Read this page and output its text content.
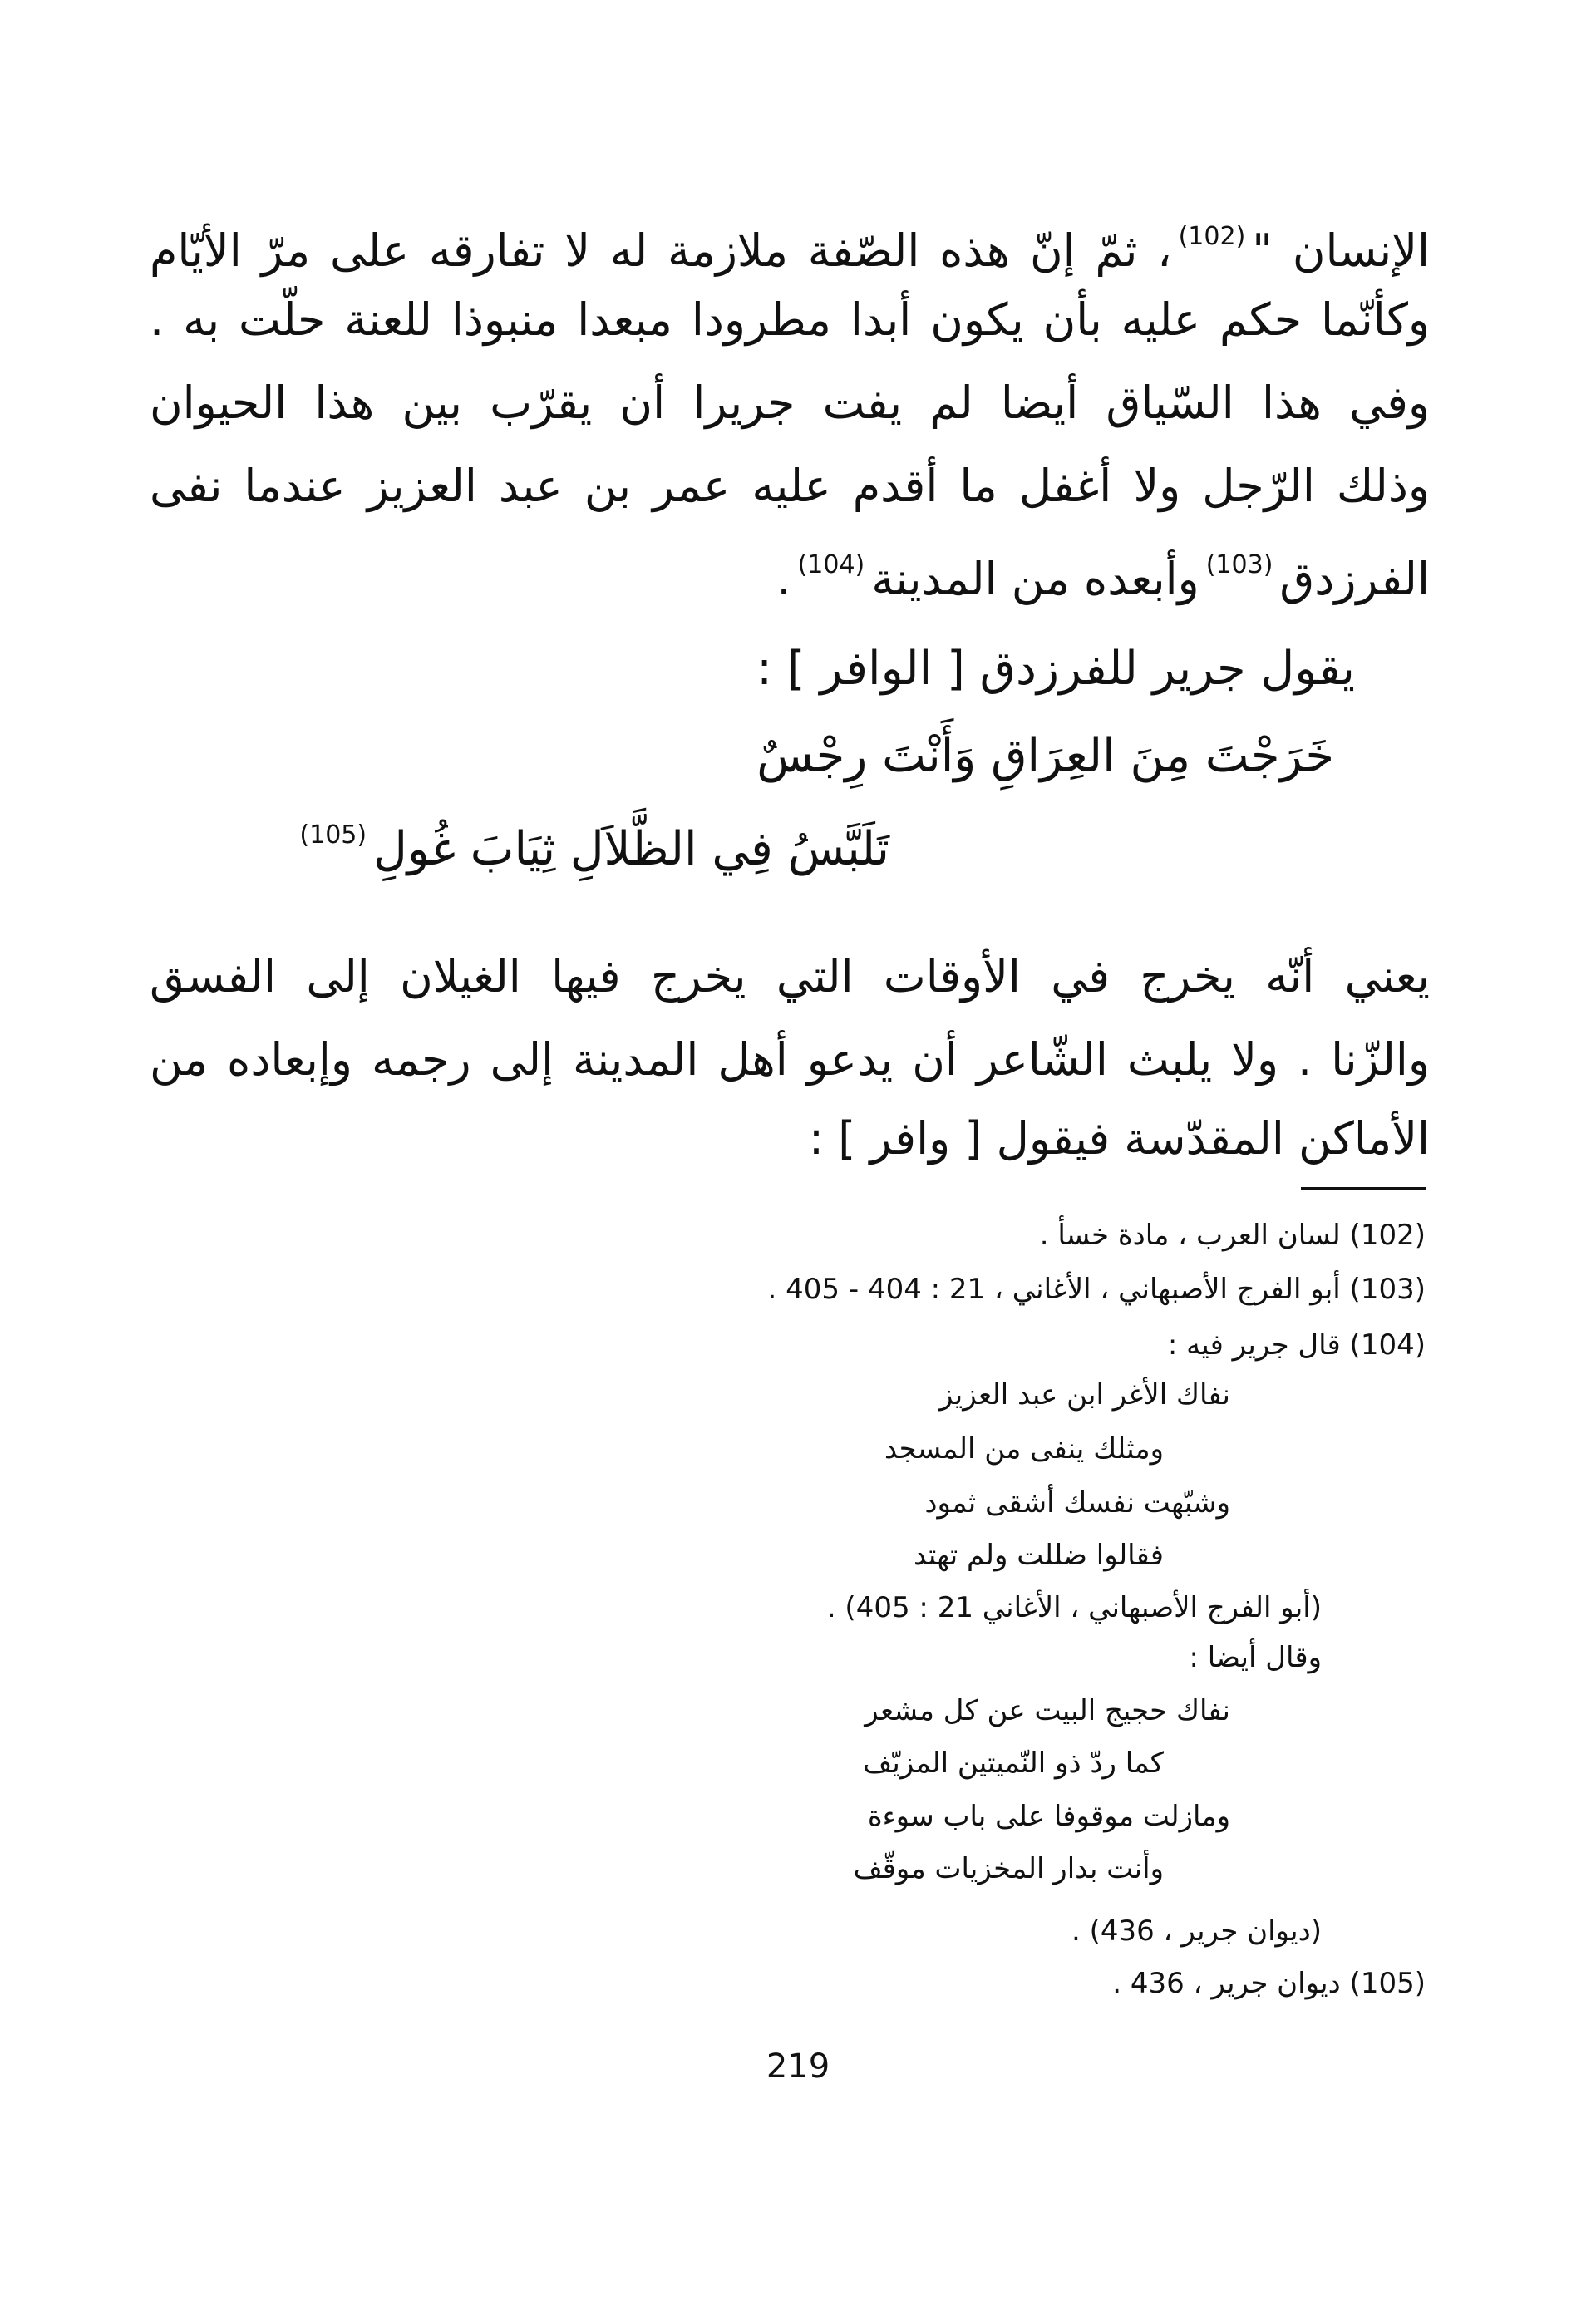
الإنسان "$^{(102)}$، ثمّ إنّ هذه الصّفة ملازمة له لا تفارقه على مرّ الأيّام
وكأنّما حكم عليه بأن يكون أبدا مطرودا مبعدا منبوذا للعنة حلّت به .
وفي هذا السّياق أيضا لم يفت جريرا أن يقرّب بين هذا الحيوان
وذلك الرّجل ولا أغفل ما أقدم عليه عمر بن عبد العزيز عندما نفى
الفرزدق$^{(103)}$وأبعده من المدينة$^{(104)}$.
يقول جرير للفرزدق [ الوافر ] :
خَرَجْتَ مِنَ العِرَاقِ وَأَنْتَ رِجْسٌ
تَلَبَّسُ فِي الظَّلاَلِ ثِيَابَ غُولِ$^{(105)}$
يعني أنّه يخرج في الأوقات التي يخرج فيها الغيلان إلى الفسق
والزّنا . ولا يلبث الشّاعر أن يدعو أهل المدينة إلى رجمه وإبعاده من
الأماكن المقدّسة فيقول [ وافر ] :
(102) لسان العرب ، مادة خسأ .
(103) أبو الفرج الأصبهاني ، الأغاني ، 21 : 404 - 405 .
(104) قال جرير فيه :
نفاك الأغر ابن عبد العزيز
ومثلك ينفى من المسجد
وشبّهت نفسك أشقى ثمود
فقالوا ضللت ولم تهتد
(أبو الفرج الأصبهاني ، الأغاني 21 : 405) .
وقال أيضا :
نفاك حجيج البيت عن كل مشعر
كما ردّ ذو النّميتين المزيّف
ومازلت موقوفا على باب سوءة
وأنت بدار المخزيات موقّف
(ديوان جرير ، 436) .
(105) ديوان جرير ، 436 .
219
